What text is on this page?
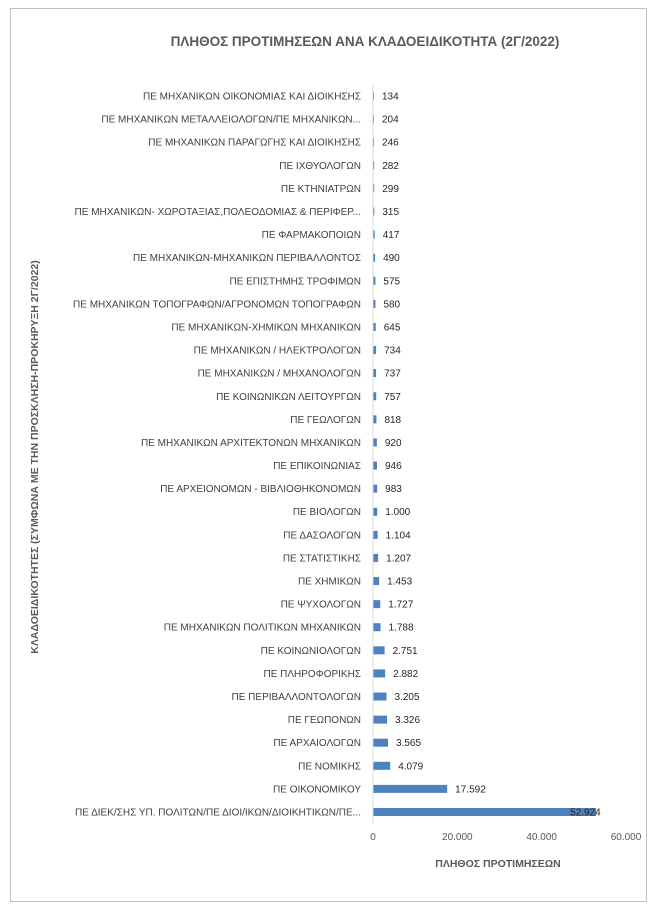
ΠΛΗΘΟΣ ΠΡΟΤΙΜΗΣΕΩΝ ΑΝΑ ΚΛΑΔΟΕΙΔΙΚΟΤΗΤΑ (2Γ/2022)
ΚΛΑΔΟΕΙΔΙΚΟΤΗΤΕΣ (ΣΥΜΦΩΝΑ ΜΕ ΤΗΝ ΠΡΟΣΚΛΗΣΗ-ΠΡΟΚΗΡΥΞΗ 2Γ/2022)
ΠΕ ΜΗΧΑΝΙΚΩΝ ΟΙΚΟΝΟΜΙΑΣ ΚΑΙ ΔΙΟΙΚΗΣΗΣ
ΠΕ ΜΗΧΑΝΙΚΩΝ ΜΕΤΑΛΛΕΙΟΛΟΓΩΝ/ΠΕ ΜΗΧΑΝΙΚΩΝ...
ΠΕ ΜΗΧΑΝΙΚΩΝ ΠΑΡΑΓΩΓΗΣ ΚΑΙ ΔΙΟΙΚΗΣΗΣ
ΠΕ ΙΧΘΥΟΛΟΓΩΝ
ΠΕ ΚΤΗΝΙΑΤΡΩΝ
ΠΕ ΜΗΧΑΝΙΚΩΝ- ΧΩΡΟΤΑΞΙΑΣ,ΠΟΛΕΟΔΟΜΙΑΣ & ΠΕΡΙΦΕΡ...
ΠΕ ΦΑΡΜΑΚΟΠΟΙΩΝ
ΠΕ ΜΗΧΑΝΙΚΩΝ-ΜΗΧΑΝΙΚΩΝ ΠΕΡΙΒΑΛΛΟΝΤΟΣ
ΠΕ ΕΠΙΣΤΗΜΗΣ ΤΡΟΦΙΜΩΝ
ΠΕ ΜΗΧΑΝΙΚΩΝ ΤΟΠΟΓΡΑΦΩΝ/ΑΓΡΟΝΟΜΩΝ ΤΟΠΟΓΡΑΦΩΝ
ΠΕ ΜΗΧΑΝΙΚΩΝ-ΧΗΜΙΚΩΝ ΜΗΧΑΝΙΚΩΝ
ΠΕ ΜΗΧΑΝΙΚΩΝ / ΗΛΕΚΤΡΟΛΟΓΩΝ
ΠΕ ΜΗΧΑΝΙΚΩΝ / ΜΗΧΑΝΟΛΟΓΩΝ
ΠΕ ΚΟΙΝΩΝΙΚΩΝ ΛΕΙΤΟΥΡΓΩΝ
ΠΕ ΓΕΩΛΟΓΩΝ
ΠΕ ΜΗΧΑΝΙΚΩΝ ΑΡΧΙΤΕΚΤΟΝΩΝ ΜΗΧΑΝΙΚΩΝ
ΠΕ ΕΠΙΚΟΙΝΩΝΙΑΣ
ΠΕ ΑΡΧΕΙΟΝΟΜΩΝ - ΒΙΒΛΙΟΘΗΚΟΝΟΜΩΝ
ΠΕ ΒΙΟΛΟΓΩΝ
ΠΕ ΔΑΣΟΛΟΓΩΝ
ΠΕ ΣΤΑΤΙΣΤΙΚΗΣ
ΠΕ ΧΗΜΙΚΩΝ
ΠΕ ΨΥΧΟΛΟΓΩΝ
ΠΕ ΜΗΧΑΝΙΚΩΝ ΠΟΛΙΤΙΚΩΝ ΜΗΧΑΝΙΚΩΝ
ΠΕ ΚΟΙΝΩΝΙΟΛΟΓΩΝ
ΠΕ ΠΛΗΡΟΦΟΡΙΚΗΣ
ΠΕ ΠΕΡΙΒΑΛΛΟΝΤΟΛΟΓΩΝ
ΠΕ ΓΕΩΠΟΝΩΝ
ΠΕ ΑΡΧΑΙΟΛΟΓΩΝ
ΠΕ ΝΟΜΙΚΗΣ
ΠΕ ΟΙΚΟΝΟΜΙΚΟΥ
ΠΕ ΔΙΕΚ/ΣΗΣ ΥΠ. ΠΟΛΙΤΩΝ/ΠΕ ΔΙΟΙ/ΙΚΩΝ/ΔΙΟΙΚΗΤΙΚΩΝ/ΠΕ...
134
204
246
282
299
315
417
490
575
580
645
734
737
757
818
920
946
983
1.000
1.104
1.207
1.453
1.727
1.788
2.751
2.882
3.205
3.326
3.565
4.079
17.592
52.924
0	20.000	40.000	60.000
ΠΛΗΘΟΣ ΠΡΟΤΙΜΗΣΕΩΝ
